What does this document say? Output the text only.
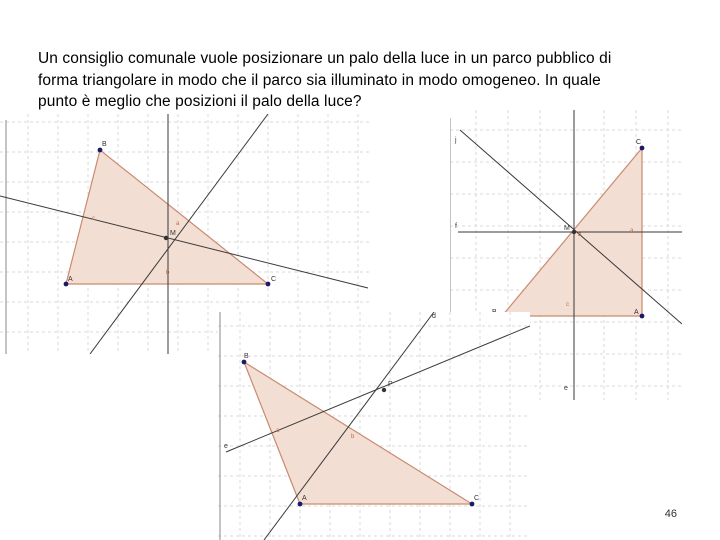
Un consiglio comunale vuole posizionare un palo della luce in un parco pubblico di
forma triangolare in modo che il parco sia illuminato in modo omogeneo. In quale
punto è meglio che posizioni il palo della luce?
B
A	C
M
c
a
b
C
A
M	a
c
b
f
e
j
B
A	C
P
a
b
d
e
46
